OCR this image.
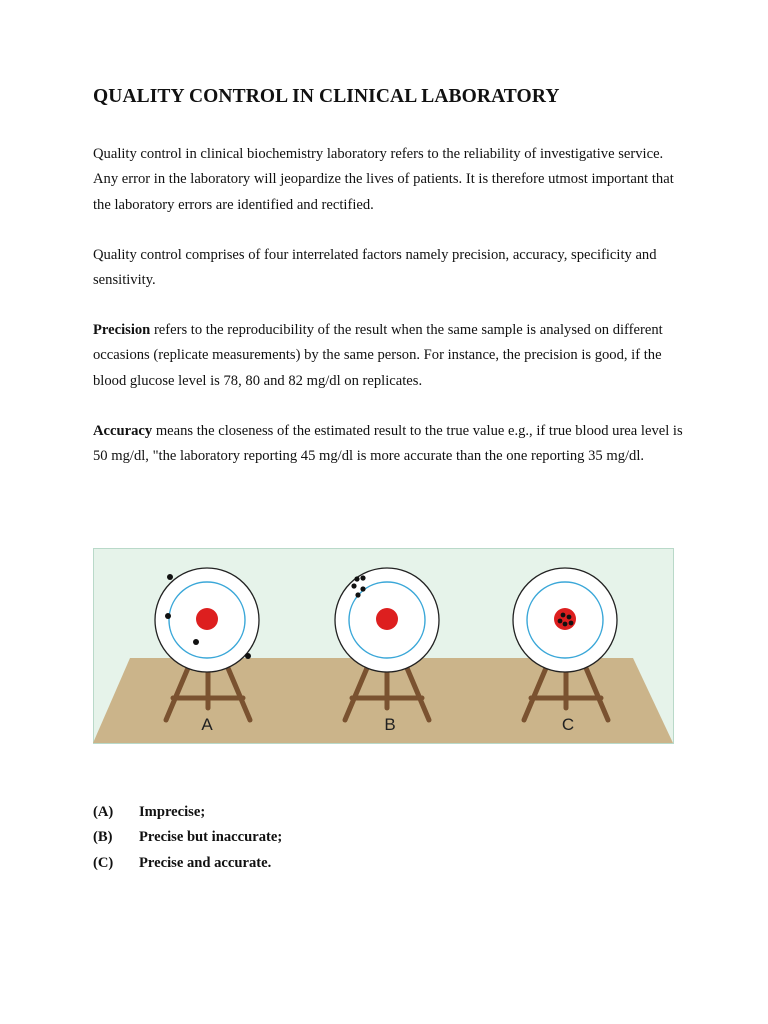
QUALITY CONTROL IN CLINICAL LABORATORY

Quality control in clinical biochemistry laboratory refers to the reliability of investigative service. Any error in the laboratory will jeopardize the lives of patients. It is therefore utmost important that the laboratory errors are identified and rectified.

Quality control comprises of four interrelated factors namely precision, accuracy, specificity and sensitivity.

Precision refers to the reproducibility of the result when the same sample is analysed on different occasions (replicate measurements) by the same person. For instance, the precision is good, if the blood glucose level is 78, 80 and 82 mg/dl on replicates.

Accuracy means the closeness of the estimated result to the true value e.g., if true blood urea level is 50 mg/dl, "the laboratory reporting 45 mg/dl is more accurate than the one reporting 35 mg/dl.

A	B	C
(A)	Imprecise;
(B)	Precise but inaccurate;
(C)	Precise and accurate.
